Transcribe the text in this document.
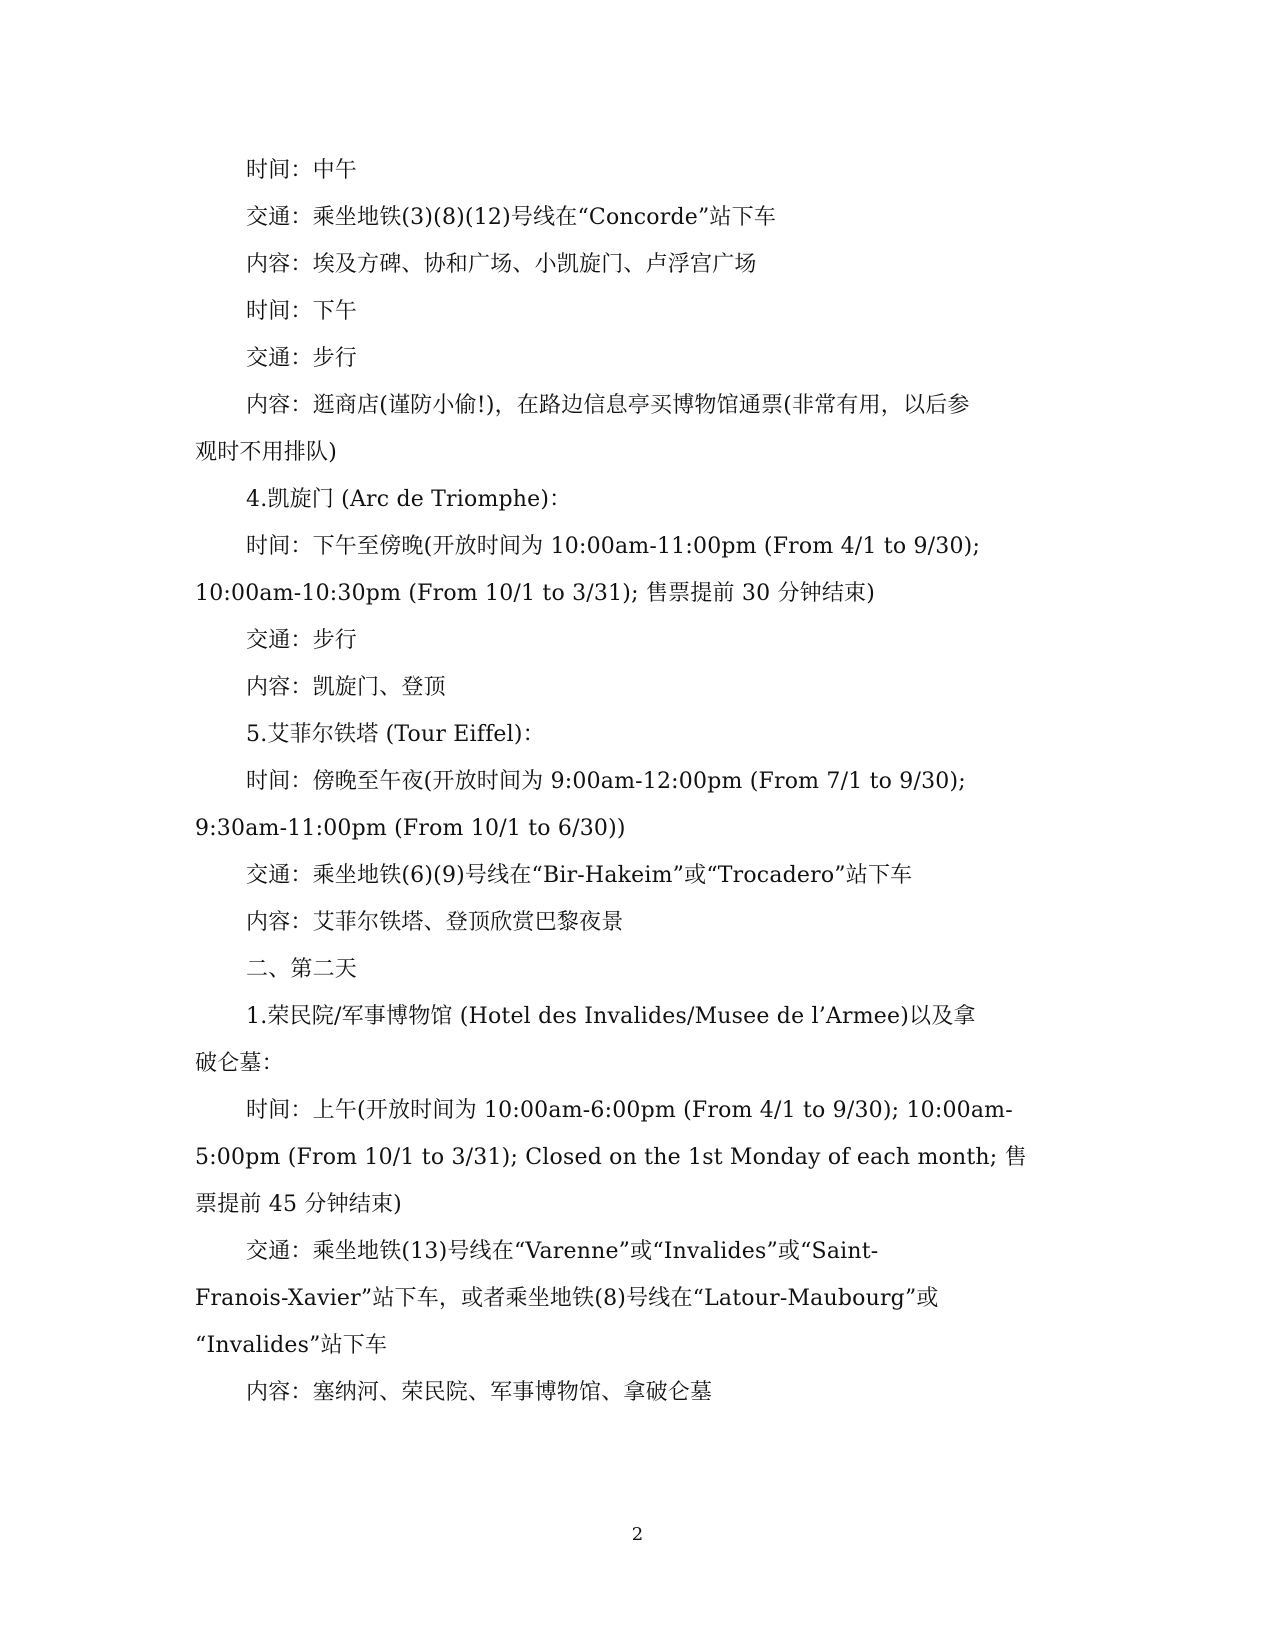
时间：中午
交通：乘坐地铁(3)(8)(12)号线在“Concorde”站下车
内容：埃及方碑、协和广场、小凯旋门、卢浮宫广场
时间：下午
交通：步行
内容：逛商店(谨防小偷!)，在路边信息亭买博物馆通票(非常有用，以后参
观时不用排队)
4.凯旋门 (Arc de Triomphe)：
时间：下午至傍晚(开放时间为 10:00am-11:00pm (From 4/1 to 9/30);
10:00am-10:30pm (From 10/1 to 3/31); 售票提前 30 分钟结束)
交通：步行
内容：凯旋门、登顶
5.艾菲尔铁塔 (Tour Eiffel)：
时间：傍晚至午夜(开放时间为 9:00am-12:00pm (From 7/1 to 9/30);
9:30am-11:00pm (From 10/1 to 6/30))
交通：乘坐地铁(6)(9)号线在“Bir-Hakeim”或“Trocadero”站下车
内容：艾菲尔铁塔、登顶欣赏巴黎夜景
二、第二天
1.荣民院/军事博物馆 (Hotel des Invalides/Musee de l’Armee)以及拿
破仑墓：
时间：上午(开放时间为 10:00am-6:00pm (From 4/1 to 9/30); 10:00am-
5:00pm (From 10/1 to 3/31); Closed on the 1st Monday of each month; 售
票提前 45 分钟结束)
交通：乘坐地铁(13)号线在“Varenne”或“Invalides”或“Saint-
Franois-Xavier”站下车，或者乘坐地铁(8)号线在“Latour-Maubourg”或
“Invalides”站下车
内容：塞纳河、荣民院、军事博物馆、拿破仑墓
2
